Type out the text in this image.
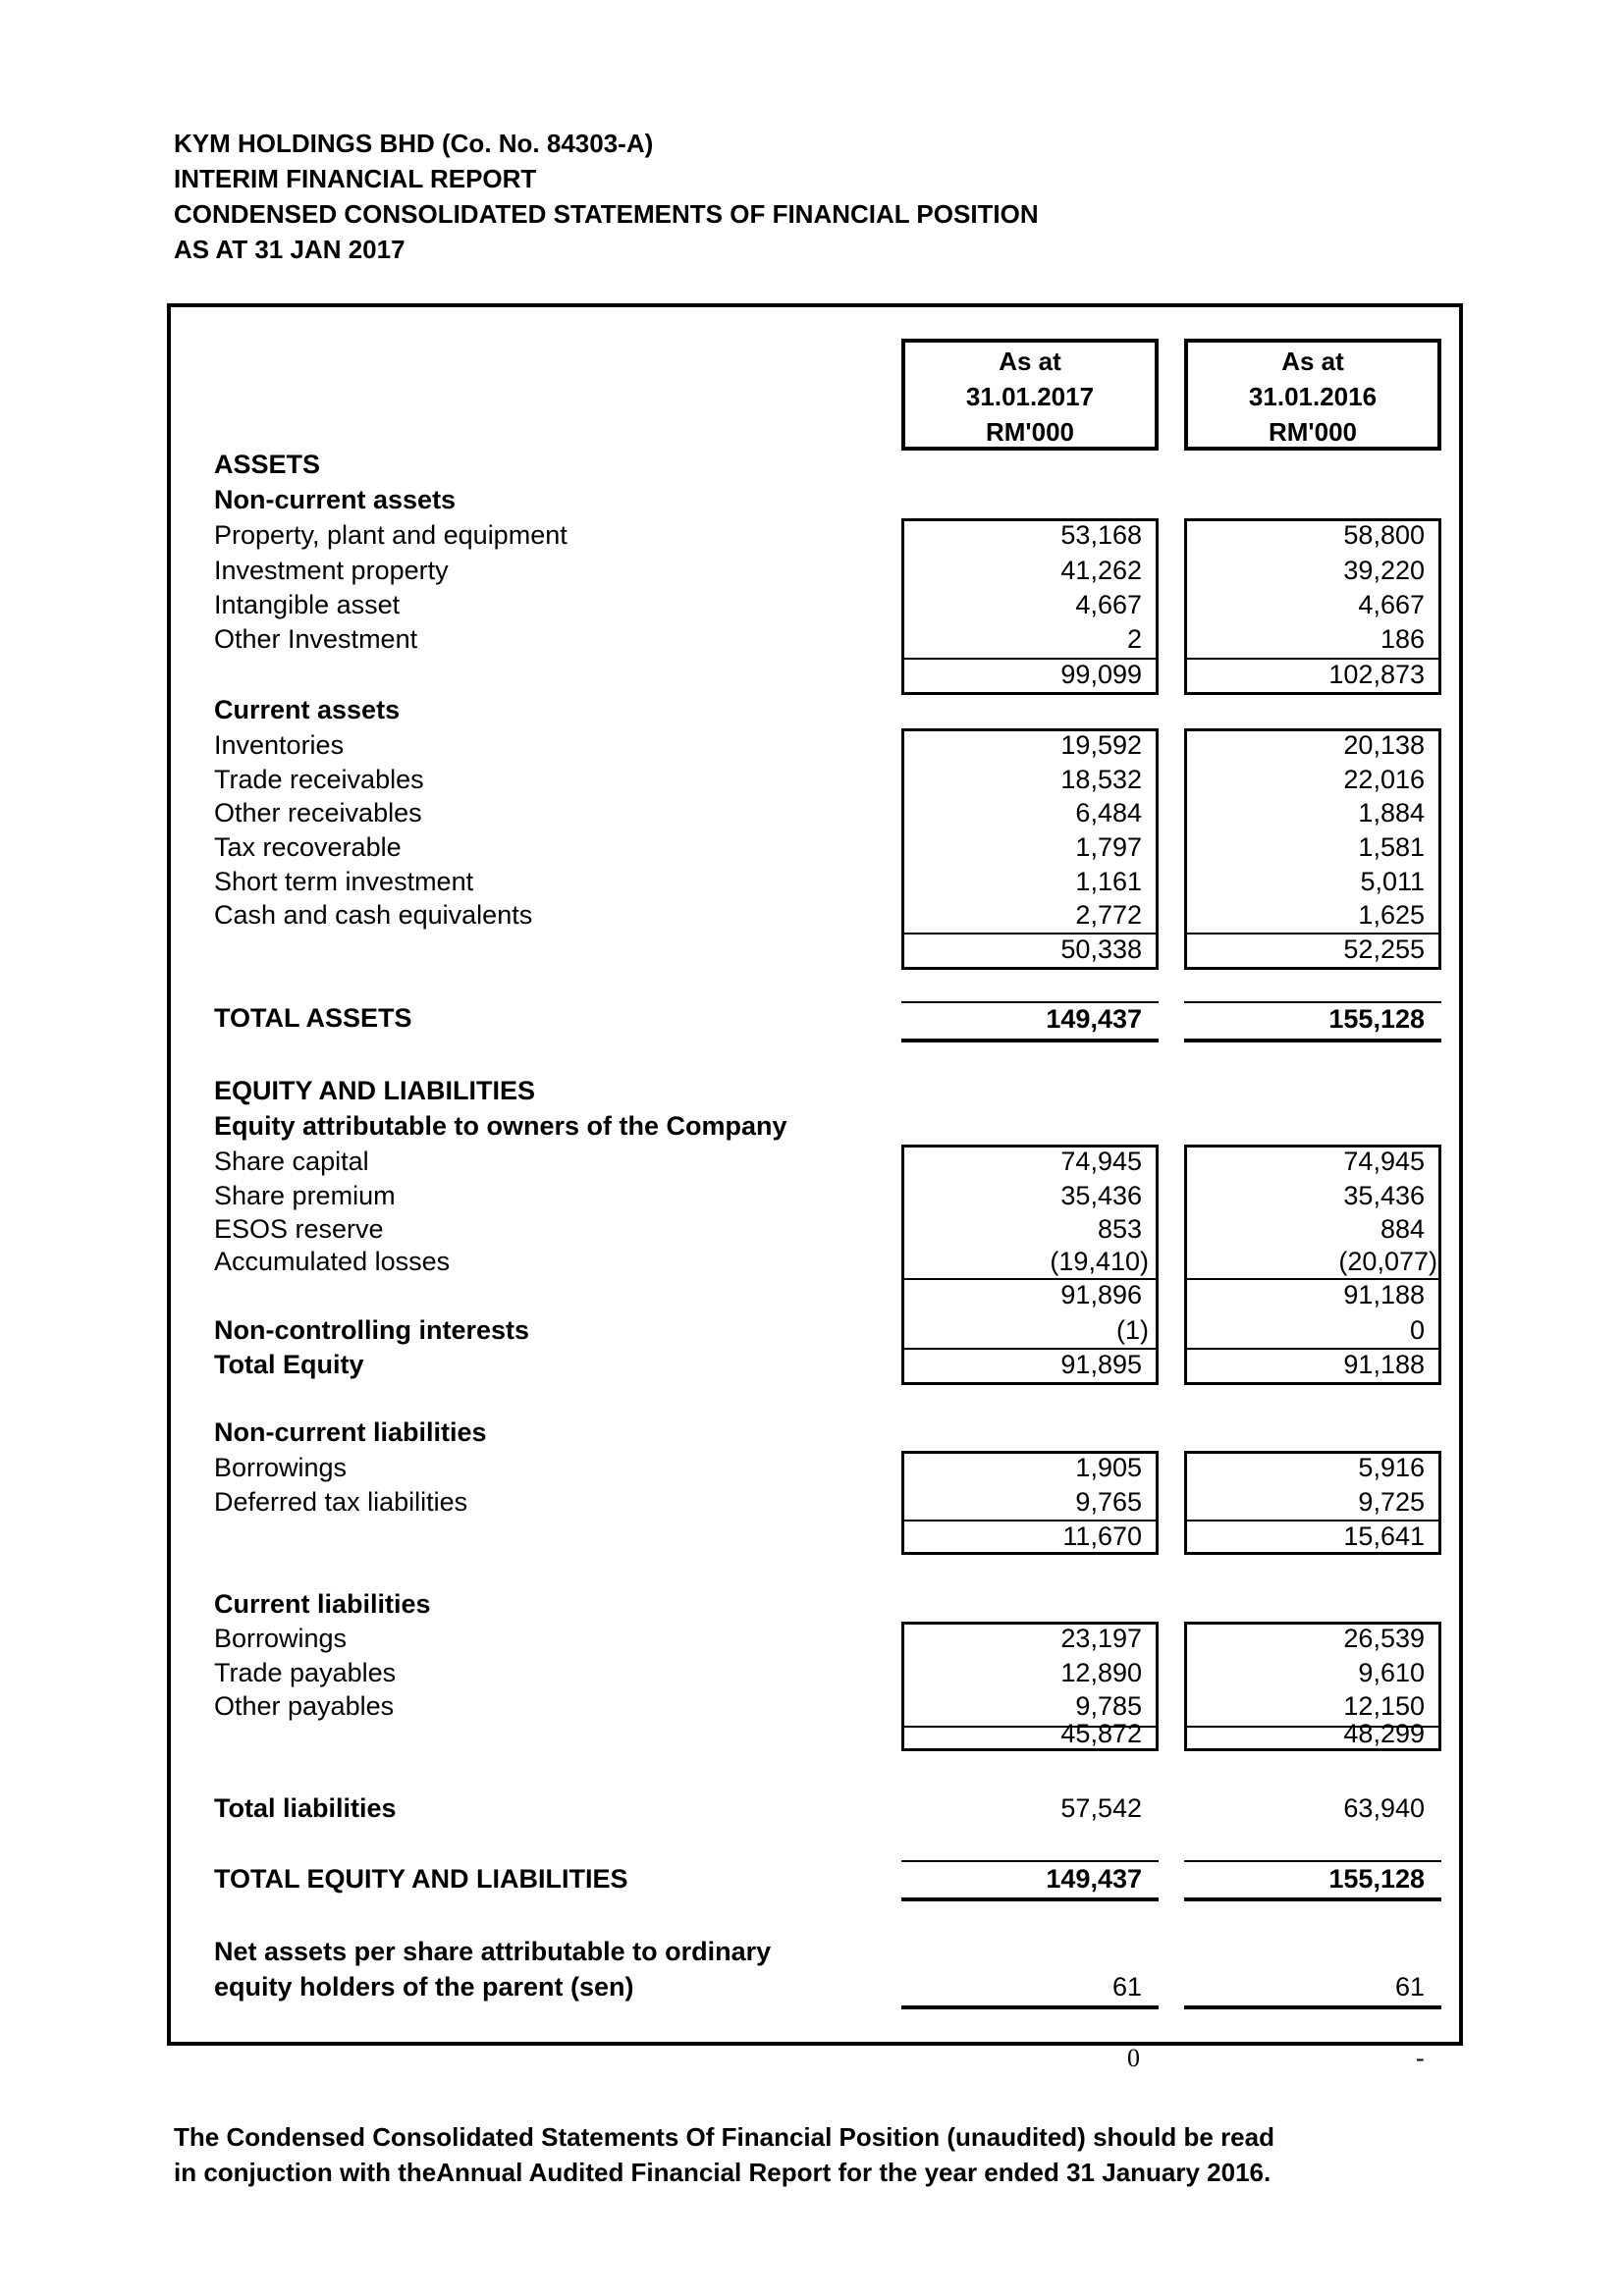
KYM HOLDINGS BHD (Co. No. 84303-A)
INTERIM FINANCIAL REPORT
CONDENSED CONSOLIDATED STATEMENTS OF FINANCIAL POSITION
AS AT 31 JAN 2017
As at
31.01.2017
RM'000
As at
31.01.2016
RM'000
ASSETS
Non-current assets
Property, plant and equipment
Investment property
Intangible asset
Other Investment
Current assets
Inventories
Trade receivables
Other receivables
Tax recoverable
Short term investment
Cash and cash equivalents
TOTAL ASSETS
EQUITY AND LIABILITIES
Equity attributable to owners of the Company
Share capital
Share premium
ESOS reserve
Accumulated losses
Non-controlling interests
Total Equity
Non-current liabilities
Borrowings
Deferred tax liabilities
Current liabilities
Borrowings
Trade payables
Other payables
Total liabilities
TOTAL EQUITY AND LIABILITIES
Net assets per share attributable to ordinary
equity holders of the parent (sen)
53,168
41,262
4,667
2
99,099
19,592
18,532
6,484
1,797
1,161
2,772
50,338
149,437
74,945
35,436
853
(19,410)
91,896
(1)
91,895
1,905
9,765
11,670
23,197
12,890
9,785
45,872
57,542
149,437
61
58,800
39,220
4,667
186
102,873
20,138
22,016
1,884
1,581
5,011
1,625
52,255
155,128
74,945
35,436
884
(20,077)
91,188
0
91,188
5,916
9,725
15,641
26,539
9,610
12,150
48,299
63,940
155,128
61
0	-
The Condensed Consolidated Statements Of Financial Position (unaudited) should be read
in conjuction with theAnnual Audited Financial Report for the year ended 31 January 2016.
